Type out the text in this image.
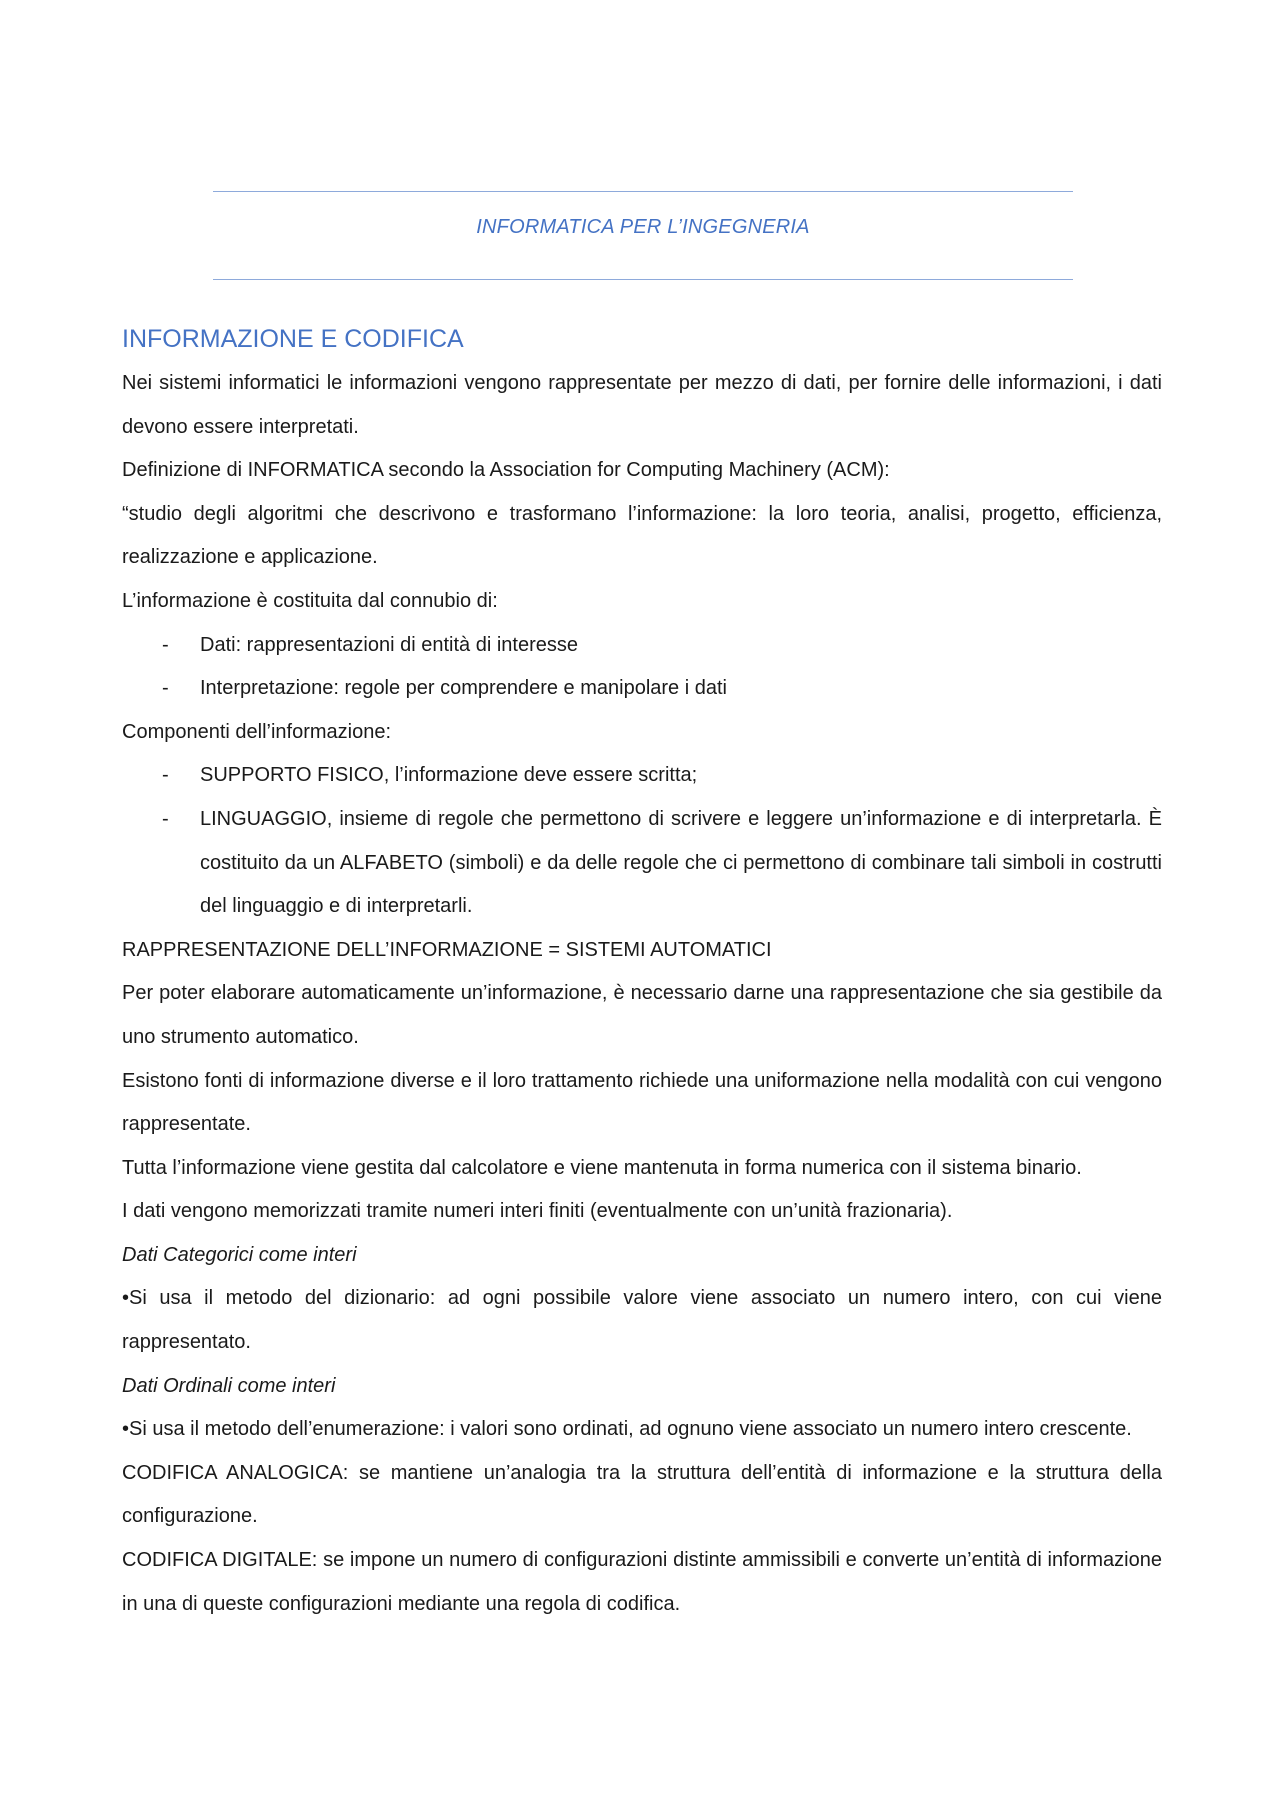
INFORMATICA PER L’INGEGNERIA
INFORMAZIONE E CODIFICA

Nei sistemi informatici le informazioni vengono rappresentate per mezzo di dati, per fornire delle informazioni, i dati devono essere interpretati.

Definizione di INFORMATICA secondo la Association for Computing Machinery (ACM):

“studio degli algoritmi che descrivono e trasformano l’informazione: la loro teoria, analisi, progetto, efficienza, realizzazione e applicazione.

L’informazione è costituita dal connubio di:

- Dati: rappresentazioni di entità di interesse
- Interpretazione: regole per comprendere e manipolare i dati

Componenti dell’informazione:

- SUPPORTO FISICO, l’informazione deve essere scritta;
- LINGUAGGIO, insieme di regole che permettono di scrivere e leggere un’informazione e di interpretarla. È costituito da un ALFABETO (simboli) e da delle regole che ci permettono di combinare tali simboli in costrutti del linguaggio e di interpretarli.

RAPPRESENTAZIONE DELL’INFORMAZIONE = SISTEMI AUTOMATICI

Per poter elaborare automaticamente un’informazione, è necessario darne una rappresentazione che sia gestibile da uno strumento automatico.

Esistono fonti di informazione diverse e il loro trattamento richiede una uniformazione nella modalità con cui vengono rappresentate.

Tutta l’informazione viene gestita dal calcolatore e viene mantenuta in forma numerica con il sistema binario.

I dati vengono memorizzati tramite numeri interi finiti (eventualmente con un’unità frazionaria).

Dati Categorici come interi

•Si usa il metodo del dizionario: ad ogni possibile valore viene associato un numero intero, con cui viene rappresentato.

Dati Ordinali come interi

•Si usa il metodo dell’enumerazione: i valori sono ordinati, ad ognuno viene associato un numero intero crescente.

CODIFICA ANALOGICA: se mantiene un’analogia tra la struttura dell’entità di informazione e la struttura della configurazione.

CODIFICA DIGITALE: se impone un numero di configurazioni distinte ammissibili e converte un’entità di informazione in una di queste configurazioni mediante una regola di codifica.
